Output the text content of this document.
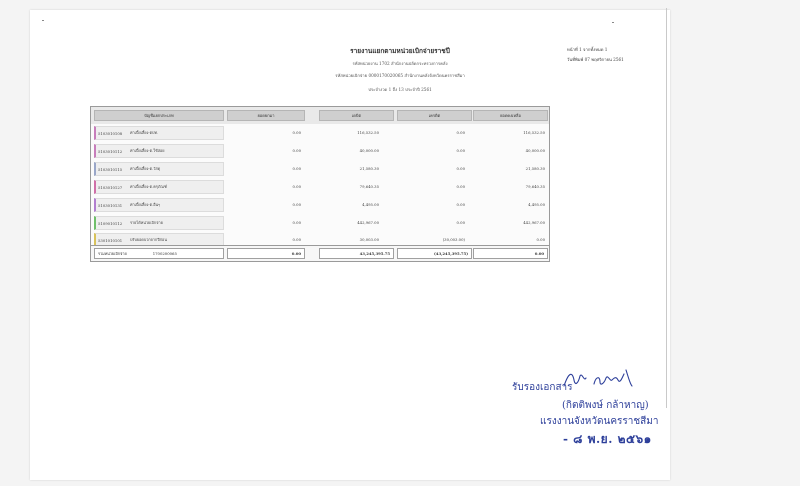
รายงานแยกตามหน่วยเบิกจ่ายราชปี
รหัสหน่วยงาน 1702 สำนักงานปลัดกระทรวงการคลัง
รหัสหน่วยเบิกจ่าย 0000170020065 สำนักงานคลังจังหวัดนครราชสีมา
ประจำงวด 1 ถึง 13 ประจำปี 2561
หน้าที่ 1 จากทั้งหมด 1
วันที่พิมพ์ 07 พฤศจิกายน 2561
บัญชีแยกประเภท	ยอดยกมา	เดบิต	เครดิต	ยอดคงเหลือ
5103010108	ค่าเบี้ยเลี้ยง-ตปท.	0.00	116,532.50	0.00	116,532.50
5103010112	ค่าเบี้ยเลี้ยง-ต.ใช้สอย	0.00	40,000.00	0.00	40,000.00
5103010115	ค่าเบี้ยเลี้ยง-ต.วัสดุ	0.00	21,580.30	0.00	21,580.30
5103010127	ค่าเบี้ยเลี้ยง-ต.ครุภัณฑ์	0.00	79,640.35	0.00	79,640.35
5103010131	ค่าเบี้ยเลี้ยง-ต.อื่นๆ	0.00	4,495.00	0.00	4,495.00
5109010112	รายได้หน่วยเบิกจ่าย	0.00	442,967.00	0.00	442,967.00
5301010101	ปรับยอดบวกจากปีก่อน	0.00	30,003.00	(30,003.00)	0.00
รวมหน่วยเบิกจ่าย	1700200065	0.00	43,245,395.75	(43,245,395.75)	0.00
รับรองเอกสาร
(กิตติพงษ์ กล้าหาญ)
แรงงานจังหวัดนครราชสีมา
- ๘ พ.ย. ๒๕๖๑
